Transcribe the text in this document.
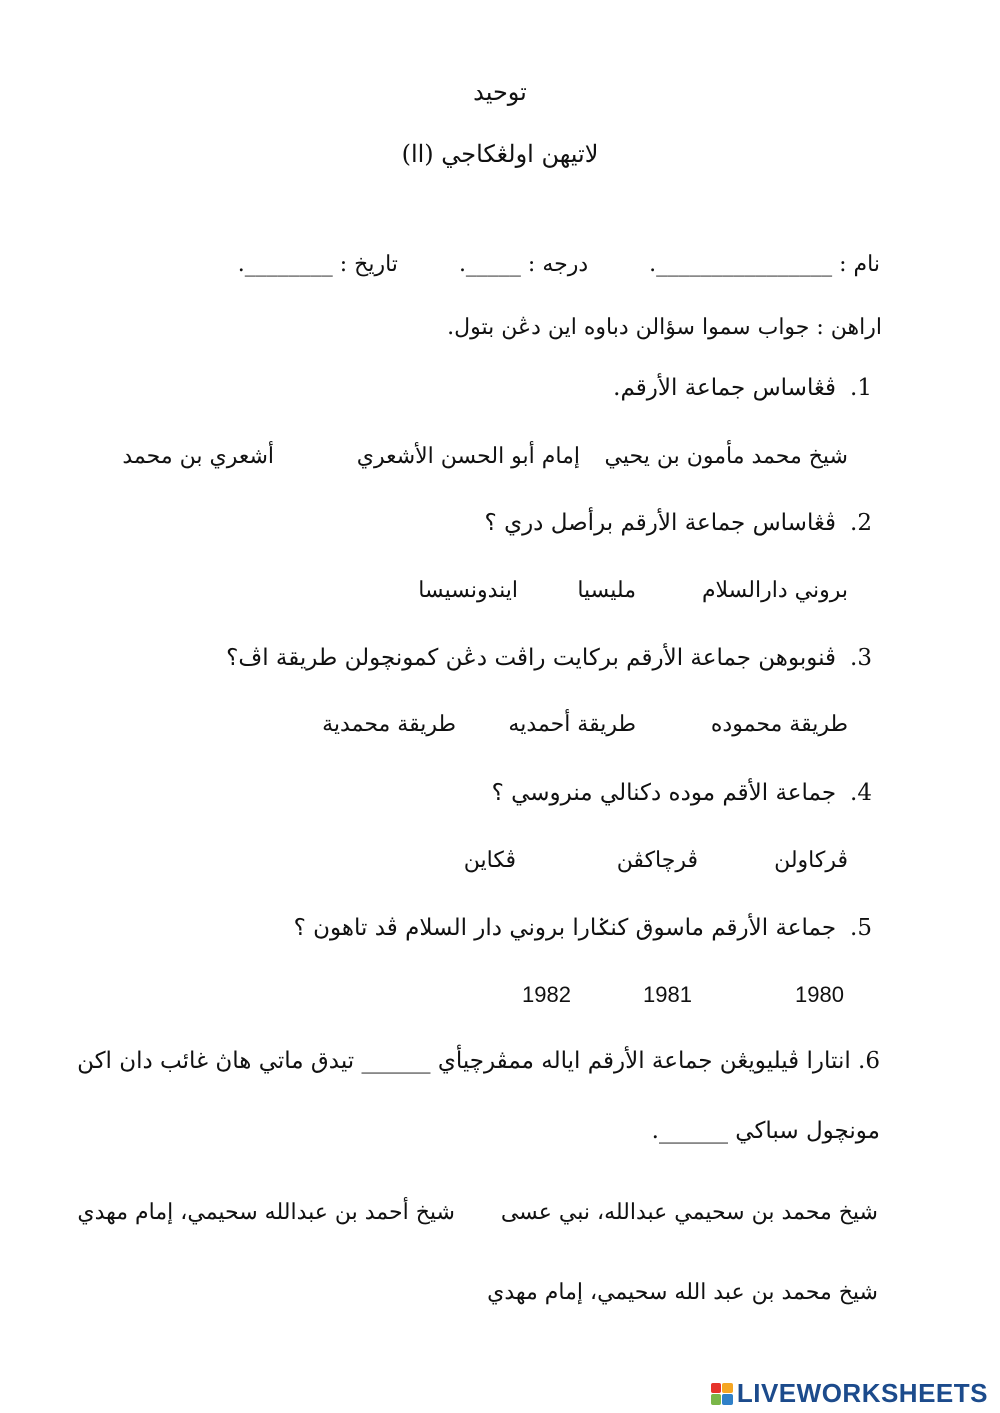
توحيد
لاتيهن اولڠكاجي (اا)
نام : ________________. درجه : _____. تاريخ : ________.
اراهن : جواب سموا سؤالن دباوه اين دڠن بتول.
1.ڤڠاساس جماعة الأرقم.
شيخ محمد مأمون بن يحيي
إمام أبو الحسن الأشعري
أشعري بن محمد
2.ڤڠاساس جماعة الأرقم برأصل دري ؟
بروني دارالسلام
مليسيا
ايندونسيسا
3.ڤنوبوهن جماعة الأرقم برکايت راڤت دڠن کمونچولن طريقة اڤ؟
طريقة محموده
طريقة أحمديه
طريقة محمدية
4.جماعة الأقم موده دکنالي منروسي ؟
ڤرکاولن
ڤرچاکڤن
ڤکاين
5.جماعة الأرقم ماسوق کنݢارا بروني دار السلام ڤد تاهون ؟
1980
1981
1982
6. انتارا ڤيليويڠن جماعة الأرقم اياله ممڤرچيأي ______ تيدق ماتي هاڽ غائب دان اکن
مونچول سباکي ______.
شيخ محمد بن سحيمي عبدالله، نبي عسى
شيخ أحمد بن عبدالله سحيمي، إمام مهدي
شيخ محمد بن عبد الله سحيمي، إمام مهدي
LIVEWORKSHEETS
